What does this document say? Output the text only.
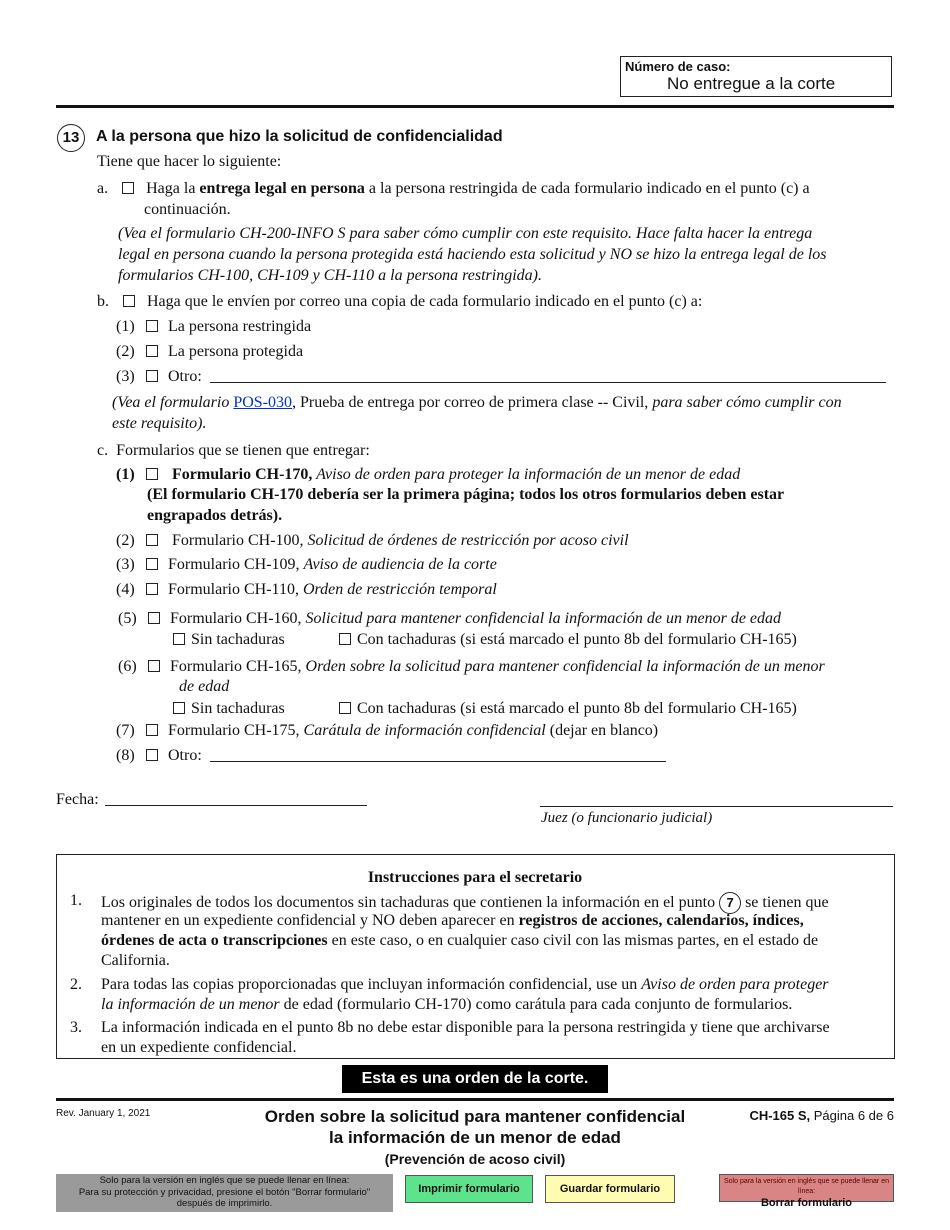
Número de caso:
No entregue a la corte
13	A la persona que hizo la solicitud de confidencialidad
Tiene que hacer lo siguiente:
a. Haga la entrega legal en persona a la persona restringida de cada formulario indicado en el punto (c) a
continuación.
(Vea el formulario CH-200-INFO S para saber cómo cumplir con este requisito. Hace falta hacer la entrega
legal en persona cuando la persona protegida está haciendo esta solicitud y NO se hizo la entrega legal de los
formularios CH-100, CH-109 y CH-110 a la persona restringida).
b. Haga que le envíen por correo una copia de cada formulario indicado en el punto (c) a:
(1) La persona restringida
(2) La persona protegida
(3) Otro:
(Vea el formulario POS-030, Prueba de entrega por correo de primera clase -- Civil, para saber cómo cumplir con
este requisito).
c. Formularios que se tienen que entregar:
(1) Formulario CH-170, Aviso de orden para proteger la información de un menor de edad
(El formulario CH-170 debería ser la primera página; todos los otros formularios deben estar
engrapados detrás).
(2) Formulario CH-100, Solicitud de órdenes de restricción por acoso civil
(3) Formulario CH-109, Aviso de audiencia de la corte
(4) Formulario CH-110, Orden de restricción temporal
(5) Formulario CH-160, Solicitud para mantener confidencial la información de un menor de edad
Sin tachaduras	Con tachaduras (si está marcado el punto 8b del formulario CH-165)
(6) Formulario CH-165, Orden sobre la solicitud para mantener confidencial la información de un menor
de edad
Sin tachaduras	Con tachaduras (si está marcado el punto 8b del formulario CH-165)
(7) Formulario CH-175, Carátula de información confidencial (dejar en blanco)
(8) Otro:
Fecha:
Juez (o funcionario judicial)
Instrucciones para el secretario
1. Los originales de todos los documentos sin tachaduras que contienen la información en el punto 7 se tienen que
mantener en un expediente confidencial y NO deben aparecer en registros de acciones, calendarios, índices,
órdenes de acta o transcripciones en este caso, o en cualquier caso civil con las mismas partes, en el estado de
California.
2. Para todas las copias proporcionadas que incluyan información confidencial, use un Aviso de orden para proteger
la información de un menor de edad (formulario CH-170) como carátula para cada conjunto de formularios.
3. La información indicada en el punto 8b no debe estar disponible para la persona restringida y tiene que archivarse
en un expediente confidencial.
Esta es una orden de la corte.
Rev. January 1, 2021	Orden sobre la solicitud para mantener confidencial
la información de un menor de edad
(Prevención de acoso civil)
CH-165 S, Página 6 de 6
Solo para la versión en inglés que se puede llenar en línea:
Para su protección y privacidad, presione el botón "Borrar formulario"
después de imprimirlo.
Imprimir formulario	Guardar formulario
Solo para la versión en inglés que se puede llenar en línea:
Borrar formulario
